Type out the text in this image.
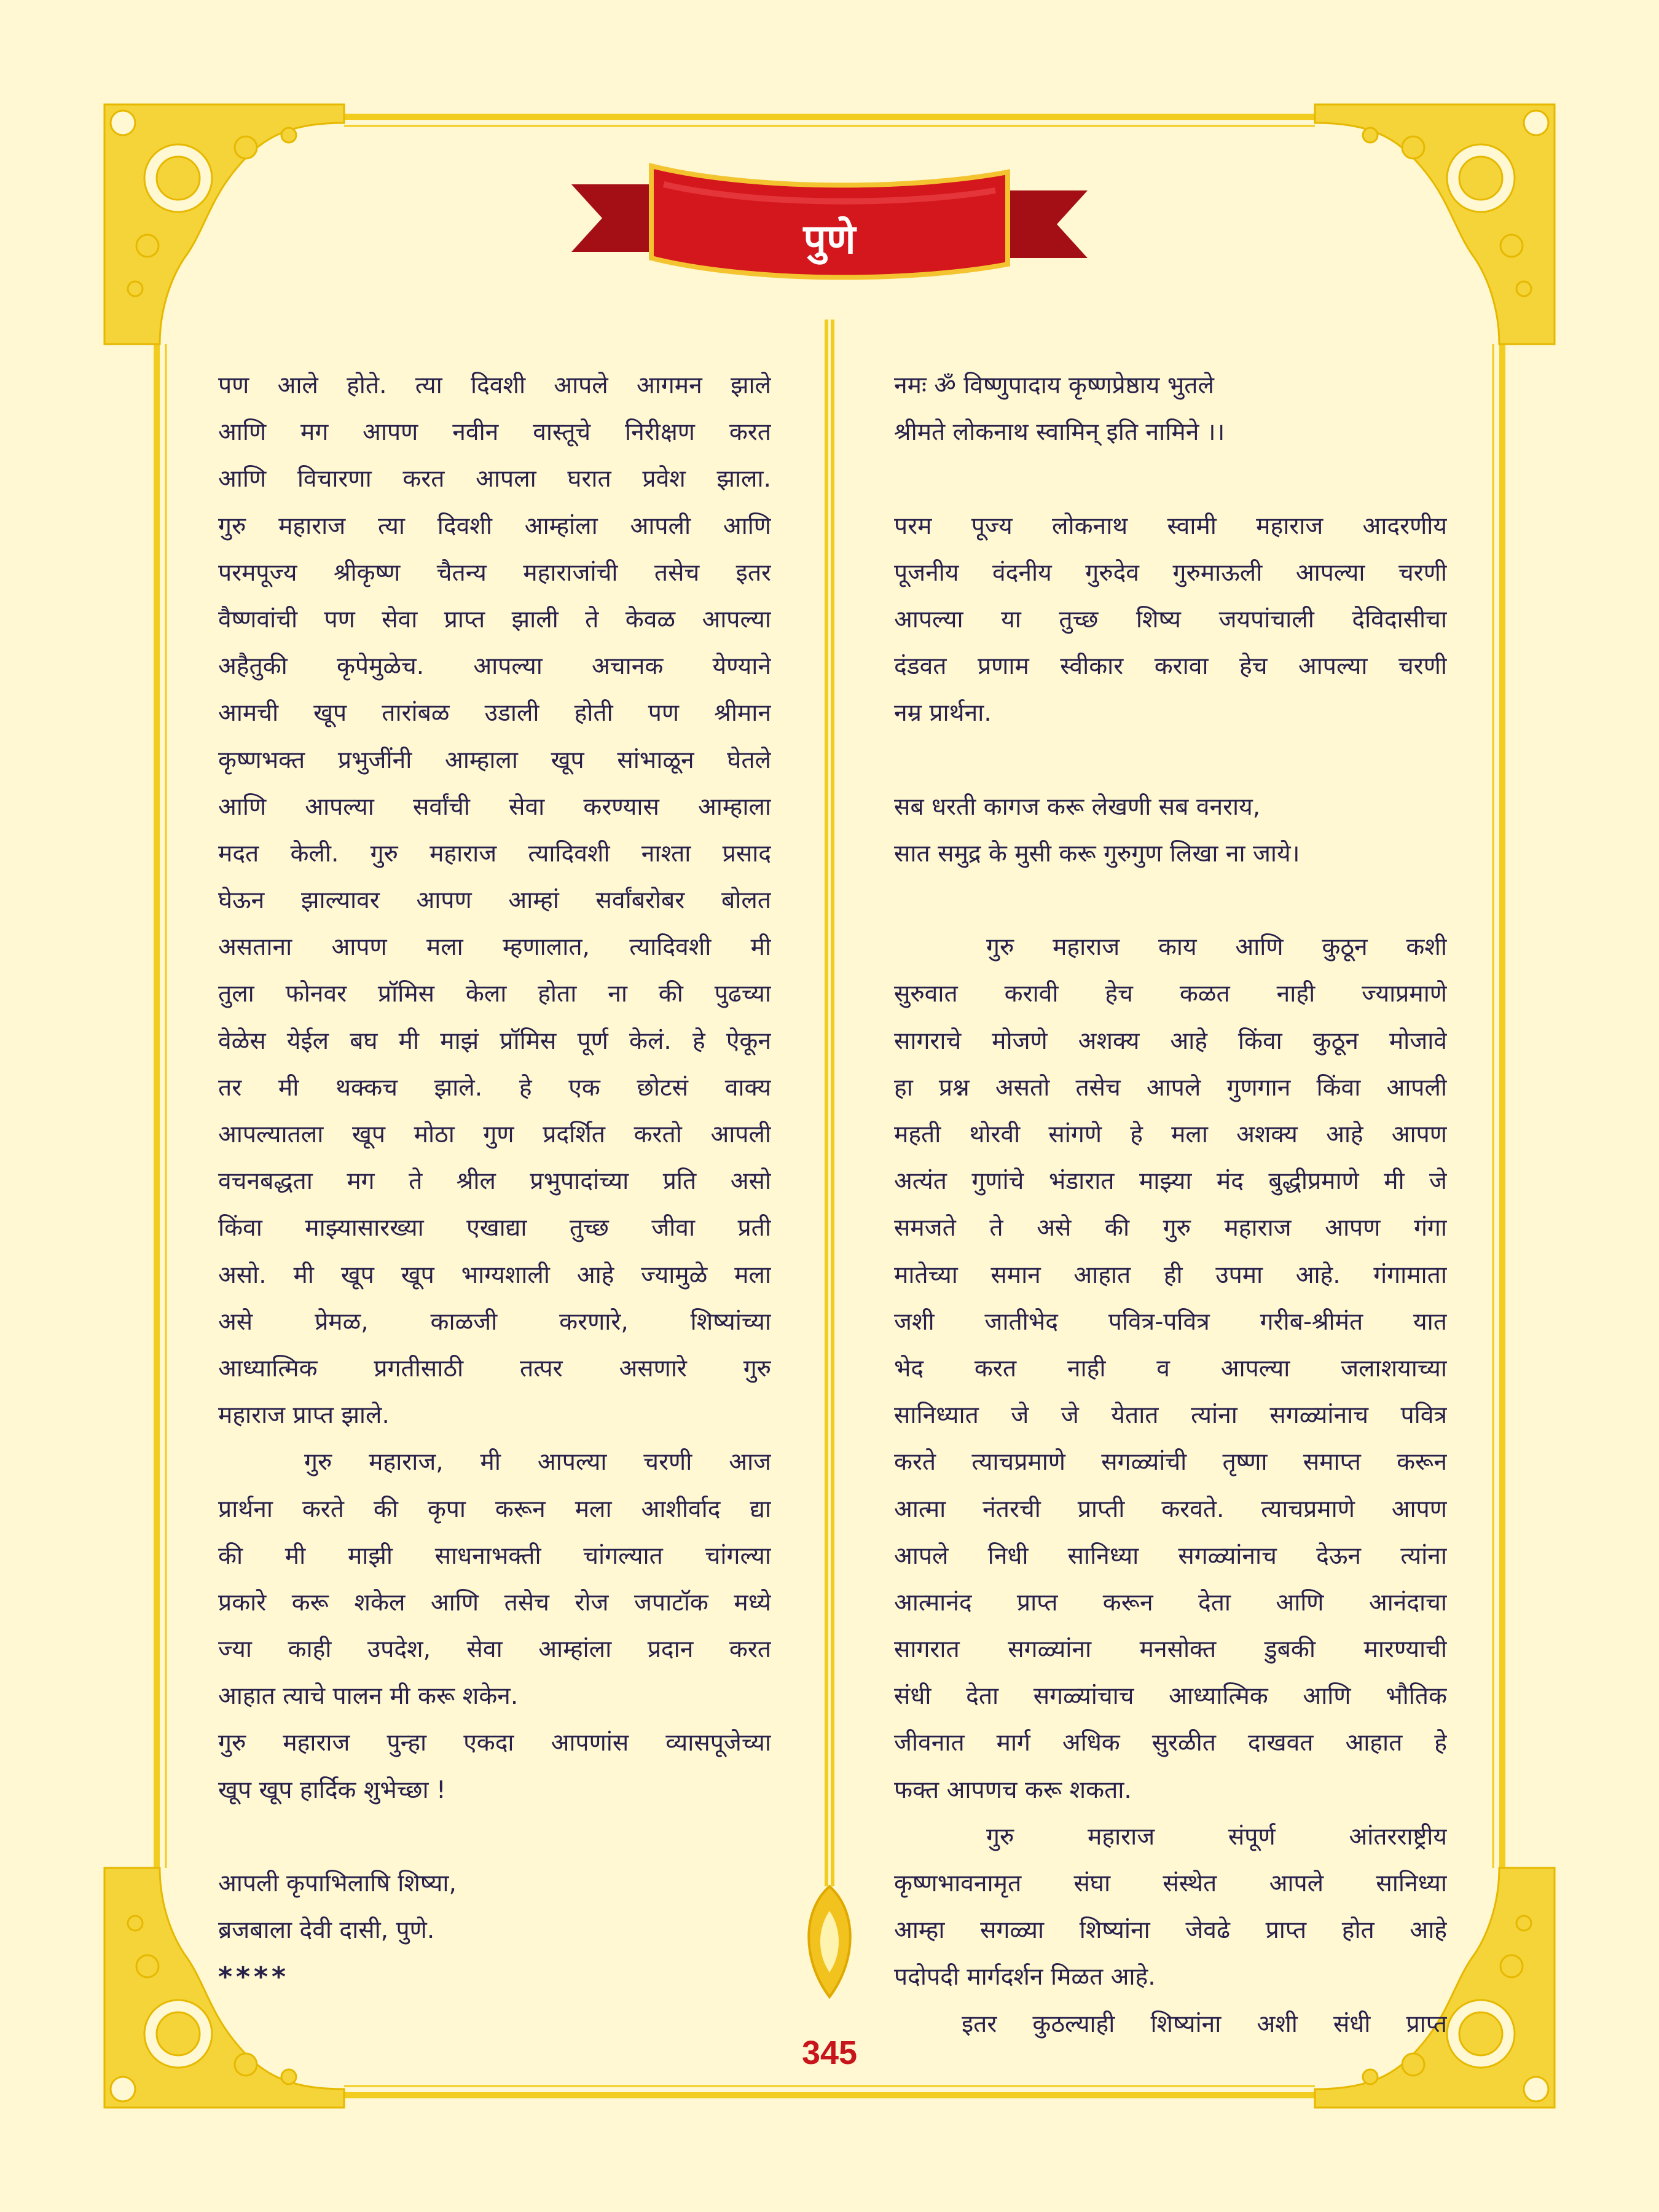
पुणे
पण आले होते. त्या दिवशी आपले आगमन झाले
आणि मग आपण नवीन वास्तूचे निरीक्षण करत
आणि विचारणा करत आपला घरात प्रवेश झाला.
गुरु महाराज त्या दिवशी आम्हांला आपली आणि
परमपूज्य श्रीकृष्ण चैतन्य महाराजांची तसेच इतर
वैष्णवांची पण सेवा प्राप्त झाली ते केवळ आपल्या
अहैतुकी कृपेमुळेच. आपल्या अचानक येण्याने
आमची खूप तारांबळ उडाली होती पण श्रीमान
कृष्णभक्त प्रभुजींनी आम्हाला खूप सांभाळून घेतले
आणि आपल्या सर्वांची सेवा करण्यास आम्हाला
मदत केली. गुरु महाराज त्यादिवशी नाश्ता प्रसाद
घेऊन झाल्यावर आपण आम्हां सर्वांबरोबर बोलत
असताना आपण मला म्हणालात, त्यादिवशी मी
तुला फोनवर प्रॉमिस केला होता ना की पुढच्या
वेळेस येईल बघ मी माझं प्रॉमिस पूर्ण केलं. हे ऐकून
तर मी थक्कच झाले. हे एक छोटसं वाक्य
आपल्यातला खूप मोठा गुण प्रदर्शित करतो आपली
वचनबद्धता मग ते श्रील प्रभुपादांच्या प्रति असो
किंवा माझ्यासारख्या एखाद्या तुच्छ जीवा प्रती
असो. मी खूप खूप भाग्यशाली आहे ज्यामुळे मला
असे प्रेमळ, काळजी करणारे, शिष्यांच्या
आध्यात्मिक प्रगतीसाठी तत्पर असणारे गुरु
महाराज प्राप्त झाले.
गुरु महाराज, मी आपल्या चरणी आज
प्रार्थना करते की कृपा करून मला आशीर्वाद द्या
की मी माझी साधनाभक्ती चांगल्यात चांगल्या
प्रकारे करू शकेल आणि तसेच रोज जपाटॉक मध्ये
ज्या काही उपदेश, सेवा आम्हांला प्रदान करत
आहात त्याचे पालन मी करू शकेन.
गुरु महाराज पुन्हा एकदा आपणांस व्यासपूजेच्या
खूप खूप हार्दिक शुभेच्छा !
आपली कृपाभिलाषि शिष्या,
ब्रजबाला देवी दासी, पुणे.
****
नमः ॐ विष्णुपादाय कृष्णप्रेष्ठाय भुतले
श्रीमते लोकनाथ स्वामिन् इति नामिने ।।
परम पूज्य लोकनाथ स्वामी महाराज आदरणीय
पूजनीय वंदनीय गुरुदेव गुरुमाऊली आपल्या चरणी
आपल्या या तुच्छ शिष्य जयपांचाली देविदासीचा
दंडवत प्रणाम स्वीकार करावा हेच आपल्या चरणी
नम्र प्रार्थना.
सब धरती कागज करू लेखणी सब वनराय,
सात समुद्र के मुसी करू गुरुगुण लिखा ना जाये।
गुरु महाराज काय आणि कुठून कशी
सुरुवात करावी हेच कळत नाही ज्याप्रमाणे
सागराचे मोजणे अशक्य आहे किंवा कुठून मोजावे
हा प्रश्न असतो तसेच आपले गुणगान किंवा आपली
महती थोरवी सांगणे हे मला अशक्य आहे आपण
अत्यंत गुणांचे भंडारात माझ्या मंद बुद्धीप्रमाणे मी जे
समजते ते असे की गुरु महाराज आपण गंगा
मातेच्या समान आहात ही उपमा आहे. गंगामाता
जशी जातीभेद पवित्र-पवित्र गरीब-श्रीमंत यात
भेद करत नाही व आपल्या जलाशयाच्या
सानिध्यात जे जे येतात त्यांना सगळ्यांनाच पवित्र
करते त्याचप्रमाणे सगळ्यांची तृष्णा समाप्त करून
आत्मा नंतरची प्राप्ती करवते. त्याचप्रमाणे आपण
आपले निधी सानिध्या सगळ्यांनाच देऊन त्यांना
आत्मानंद प्राप्त करून देता आणि आनंदाचा
सागरात सगळ्यांना मनसोक्त डुबकी मारण्याची
संधी देता सगळ्यांचाच आध्यात्मिक आणि भौतिक
जीवनात मार्ग अधिक सुरळीत दाखवत आहात हे
फक्त आपणच करू शकता.
गुरु महाराज संपूर्ण आंतरराष्ट्रीय
कृष्णभावनामृत संघा संस्थेत आपले सानिध्या
आम्हा सगळ्या शिष्यांना जेवढे प्राप्त होत आहे
पदोपदी मार्गदर्शन मिळत आहे.
इतर कुठल्याही शिष्यांना अशी संधी प्राप्त
345
